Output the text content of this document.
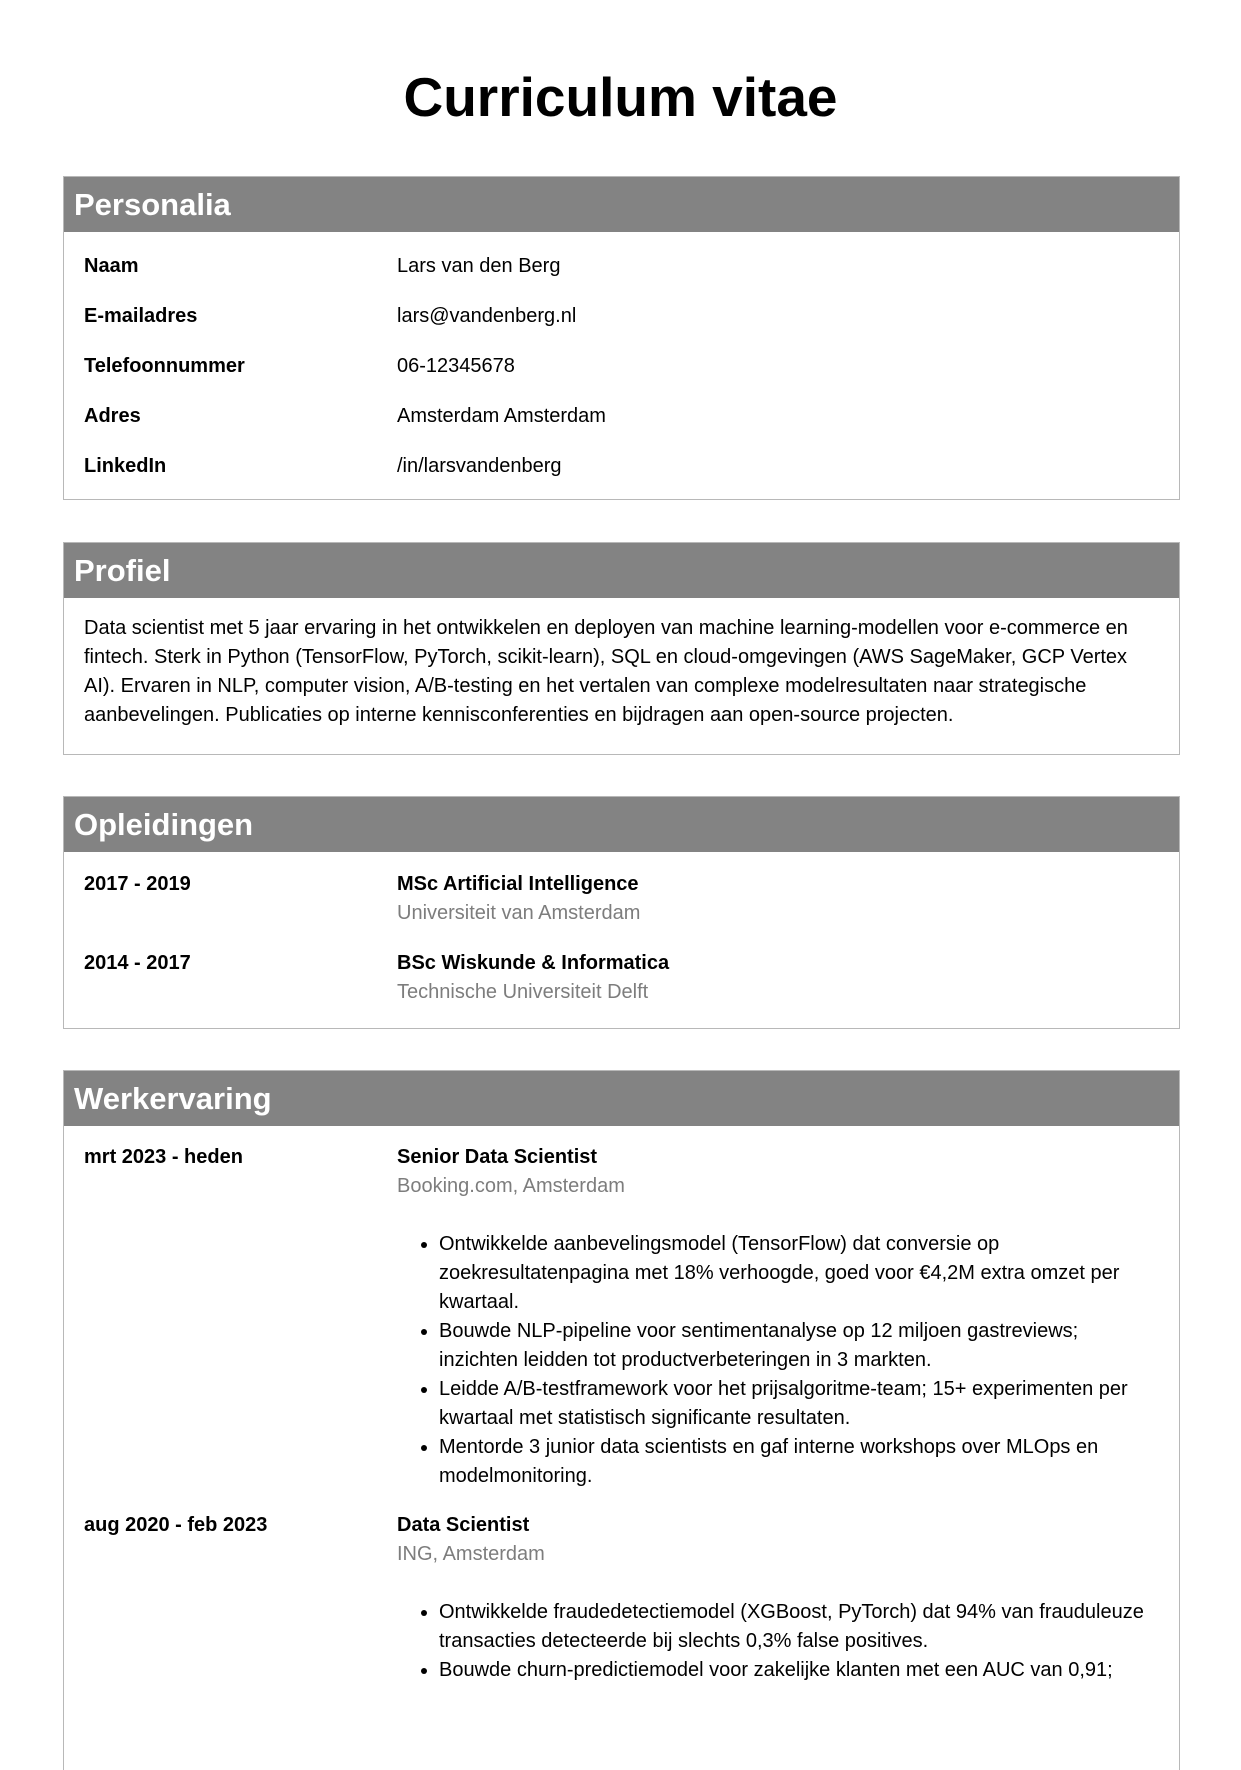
Curriculum vitae
Personalia
Naam	Lars van den Berg
E-mailadres	lars@vandenberg.nl
Telefoonnummer	06-12345678
Adres	Amsterdam Amsterdam
LinkedIn	/in/larsvandenberg
Profiel

Data scientist met 5 jaar ervaring in het ontwikkelen en deployen van machine learning-modellen voor e-commerce en fintech. Sterk in Python (TensorFlow, PyTorch, scikit-learn), SQL en cloud-omgevingen (AWS SageMaker, GCP Vertex AI). Ervaren in NLP, computer vision, A/B-testing en het vertalen van complexe modelresultaten naar strategische aanbevelingen. Publicaties op interne kennisconferenties en bijdragen aan open-source projecten.

Opleidingen
2017 - 2019	MSc Artificial Intelligence
Universiteit van Amsterdam
2014 - 2017	BSc Wiskunde & Informatica
Technische Universiteit Delft
Werkervaring
mrt 2023 - heden	Senior Data Scientist
Booking.com, Amsterdam
• Ontwikkelde aanbevelingsmodel (TensorFlow) dat conversie op zoekresultatenpagina met 18% verhoogde, goed voor €4,2M extra omzet per kwartaal.
• Bouwde NLP-pipeline voor sentimentanalyse op 12 miljoen gastreviews; inzichten leidden tot productverbeteringen in 3 markten.
• Leidde A/B-testframework voor het prijsalgoritme-team; 15+ experimenten per kwartaal met statistisch significante resultaten.
• Mentorde 3 junior data scientists en gaf interne workshops over MLOps en modelmonitoring.
aug 2020 - feb 2023	Data Scientist
ING, Amsterdam
• Ontwikkelde fraudedetectiemodel (XGBoost, PyTorch) dat 94% van frauduleuze transacties detecteerde bij slechts 0,3% false positives.
• Bouwde churn-predictiemodel voor zakelijke klanten met een AUC van 0,91;
